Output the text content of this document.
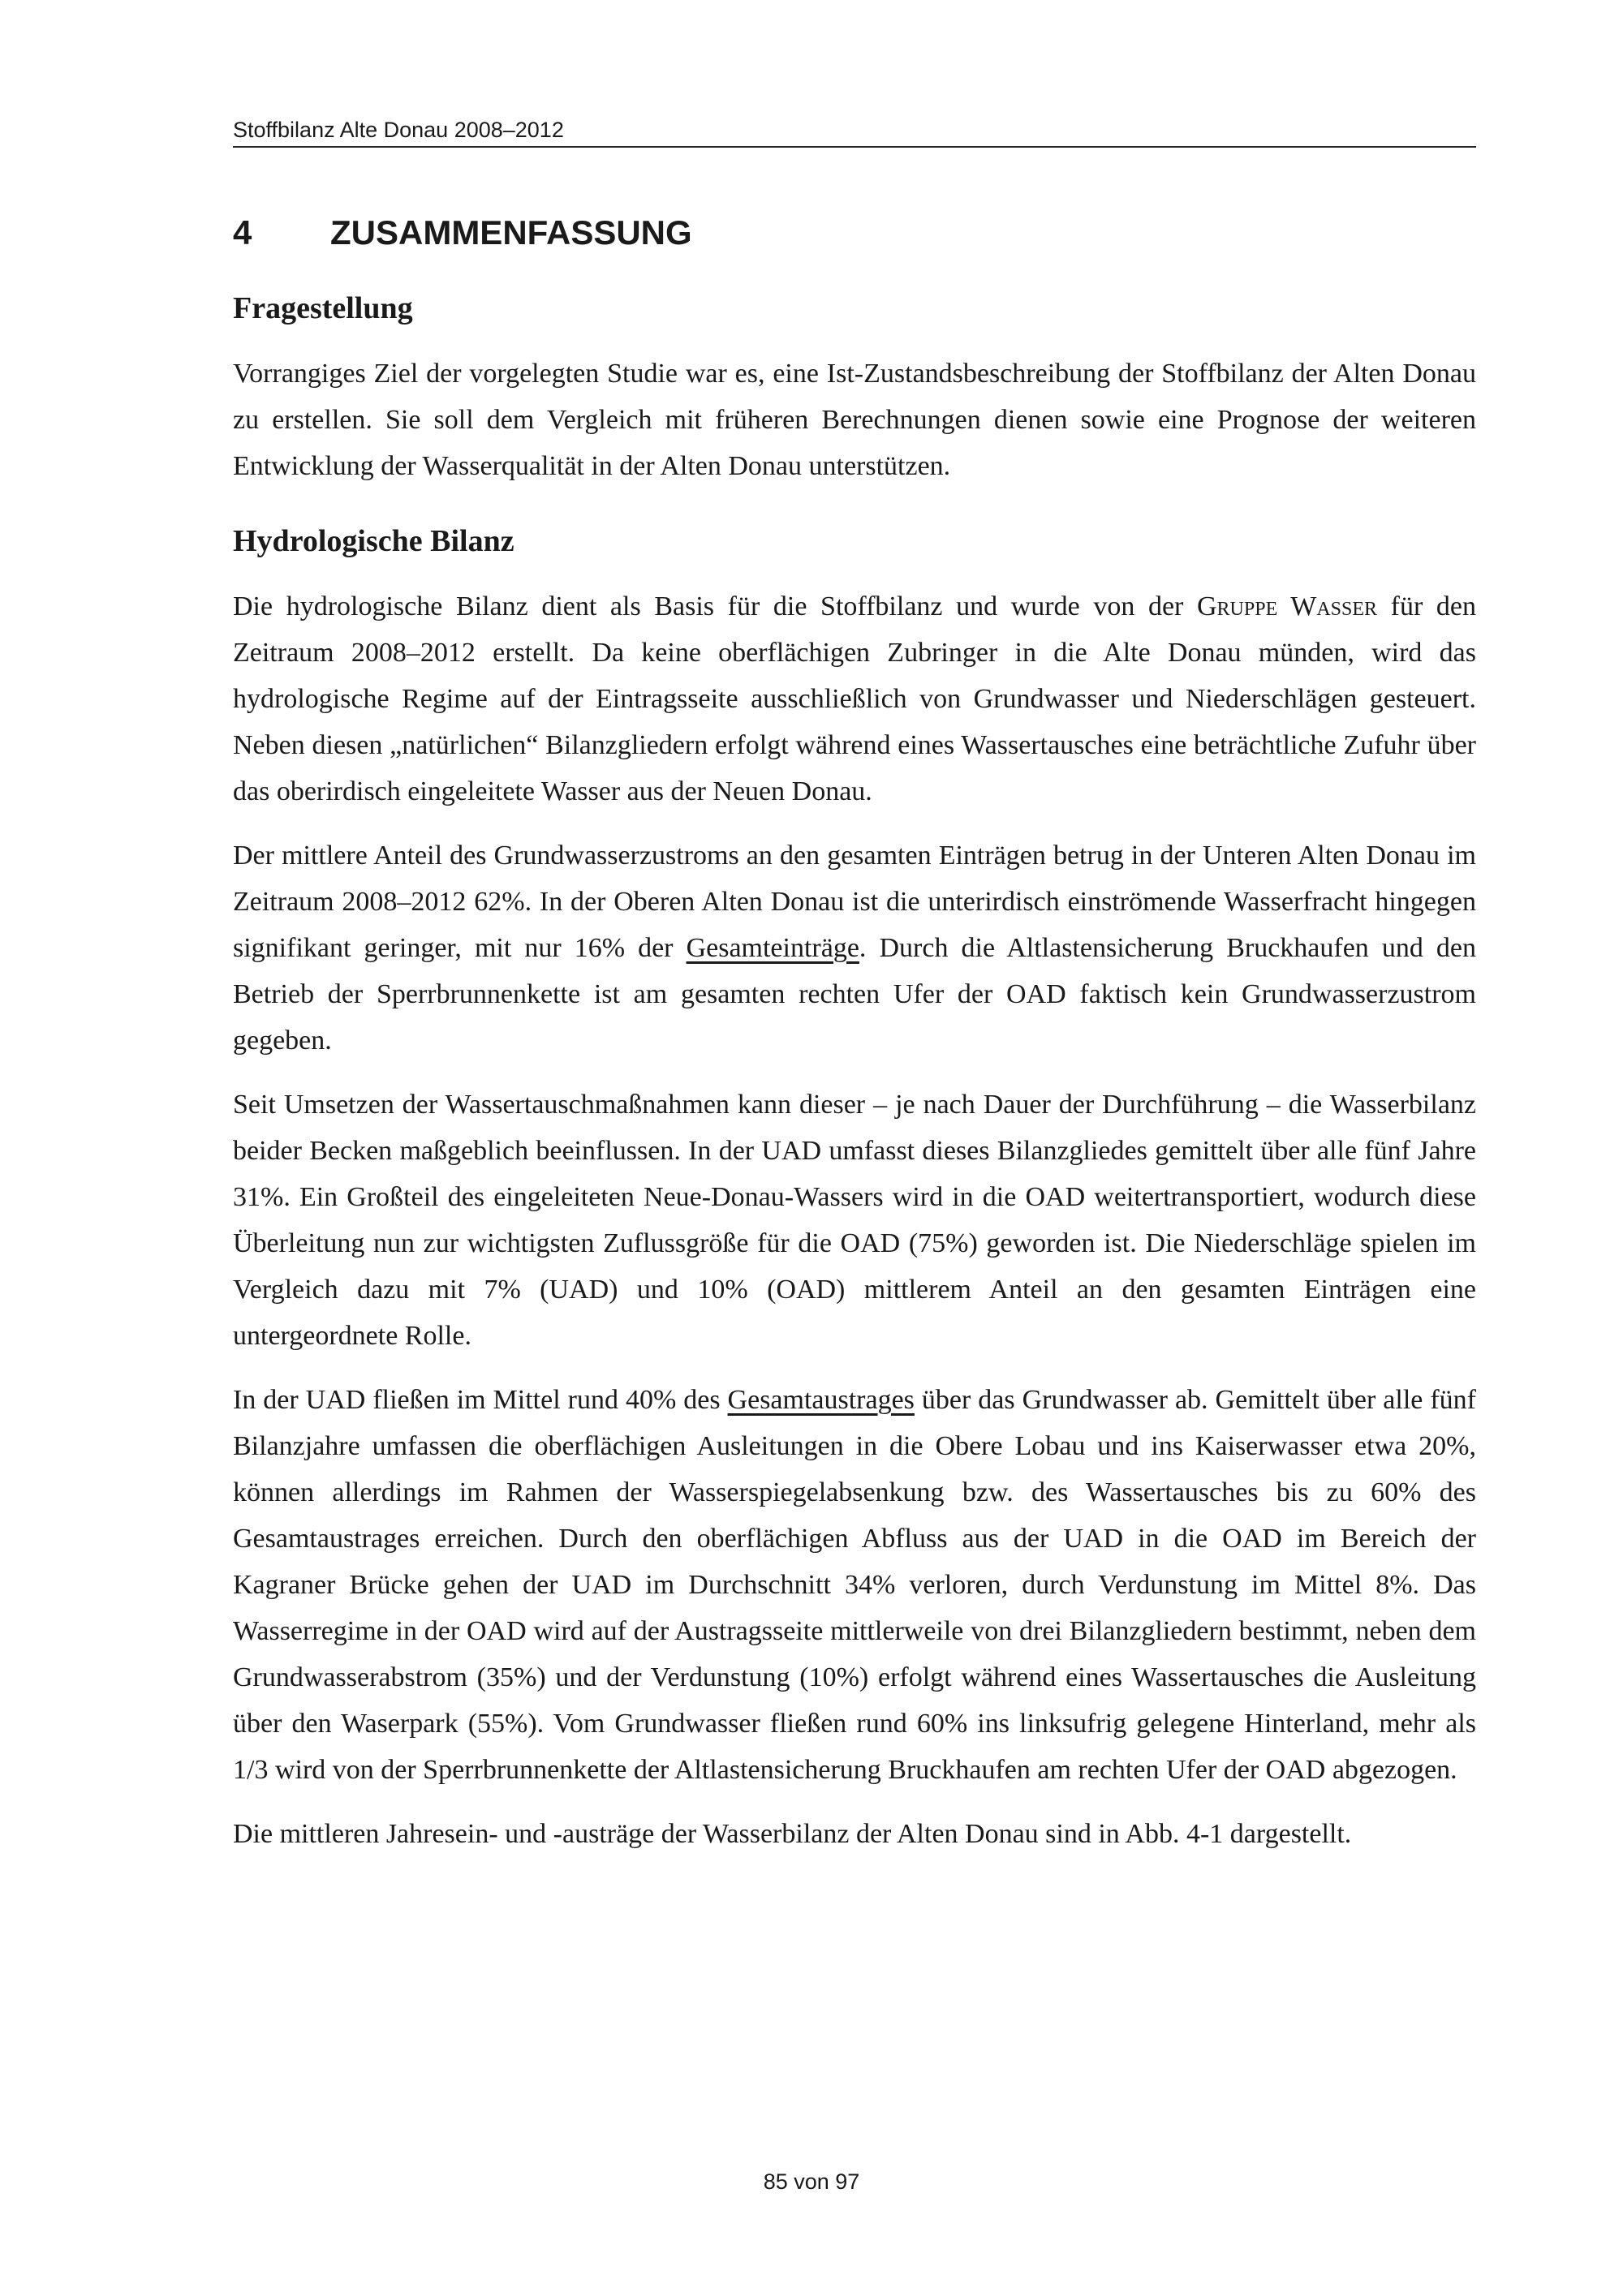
Stoffbilanz Alte Donau 2008–2012
4	ZUSAMMENFASSUNG
Fragestellung

Vorrangiges Ziel der vorgelegten Studie war es, eine Ist-Zustandsbeschreibung der Stoffbilanz der Alten Donau zu erstellen. Sie soll dem Vergleich mit früheren Berechnungen dienen sowie eine Prognose der weiteren Entwicklung der Wasserqualität in der Alten Donau unterstützen.

Hydrologische Bilanz

Die hydrologische Bilanz dient als Basis für die Stoffbilanz und wurde von der Gruppe Wasser für den Zeitraum 2008–2012 erstellt. Da keine oberflächigen Zubringer in die Alte Donau münden, wird das hydrologische Regime auf der Eintragsseite ausschließlich von Grundwasser und Niederschlägen gesteuert. Neben diesen „natürlichen“ Bilanzgliedern erfolgt während eines Wassertausches eine beträchtliche Zufuhr über das oberirdisch eingeleitete Wasser aus der Neuen Donau.

Der mittlere Anteil des Grundwasserzustroms an den gesamten Einträgen betrug in der Unteren Alten Donau im Zeitraum 2008–2012 62%. In der Oberen Alten Donau ist die unterirdisch einströmende Wasserfracht hingegen signifikant geringer, mit nur 16% der Gesamteinträge. Durch die Altlastensicherung Bruckhaufen und den Betrieb der Sperrbrunnenkette ist am gesamten rechten Ufer der OAD faktisch kein Grundwasserzustrom gegeben.

Seit Umsetzen der Wassertauschmaßnahmen kann dieser – je nach Dauer der Durchführung – die Wasserbilanz beider Becken maßgeblich beeinflussen. In der UAD umfasst dieses Bilanzgliedes gemittelt über alle fünf Jahre 31%. Ein Großteil des eingeleiteten Neue-Donau-Wassers wird in die OAD weitertransportiert, wodurch diese Überleitung nun zur wichtigsten Zuflussgröße für die OAD (75%) geworden ist. Die Niederschläge spielen im Vergleich dazu mit 7% (UAD) und 10% (OAD) mittlerem Anteil an den gesamten Einträgen eine untergeordnete Rolle.

In der UAD fließen im Mittel rund 40% des Gesamtaustrages über das Grundwasser ab. Gemittelt über alle fünf Bilanzjahre umfassen die oberflächigen Ausleitungen in die Obere Lobau und ins Kaiserwasser etwa 20%, können allerdings im Rahmen der Wasserspiegelabsenkung bzw. des Wassertausches bis zu 60% des Gesamtaustrages erreichen. Durch den oberflächigen Abfluss aus der UAD in die OAD im Bereich der Kagraner Brücke gehen der UAD im Durchschnitt 34% verloren, durch Verdunstung im Mittel 8%. Das Wasserregime in der OAD wird auf der Austragsseite mittlerweile von drei Bilanzgliedern bestimmt, neben dem Grundwasserabstrom (35%) und der Verdunstung (10%) erfolgt während eines Wassertausches die Ausleitung über den Waserpark (55%). Vom Grundwasser fließen rund 60% ins linksufrig gelegene Hinterland, mehr als 1/3 wird von der Sperrbrunnenkette der Altlastensicherung Bruckhaufen am rechten Ufer der OAD abgezogen.

Die mittleren Jahresein- und -austräge der Wasserbilanz der Alten Donau sind in Abb. 4-1 dargestellt.

85 von 97
